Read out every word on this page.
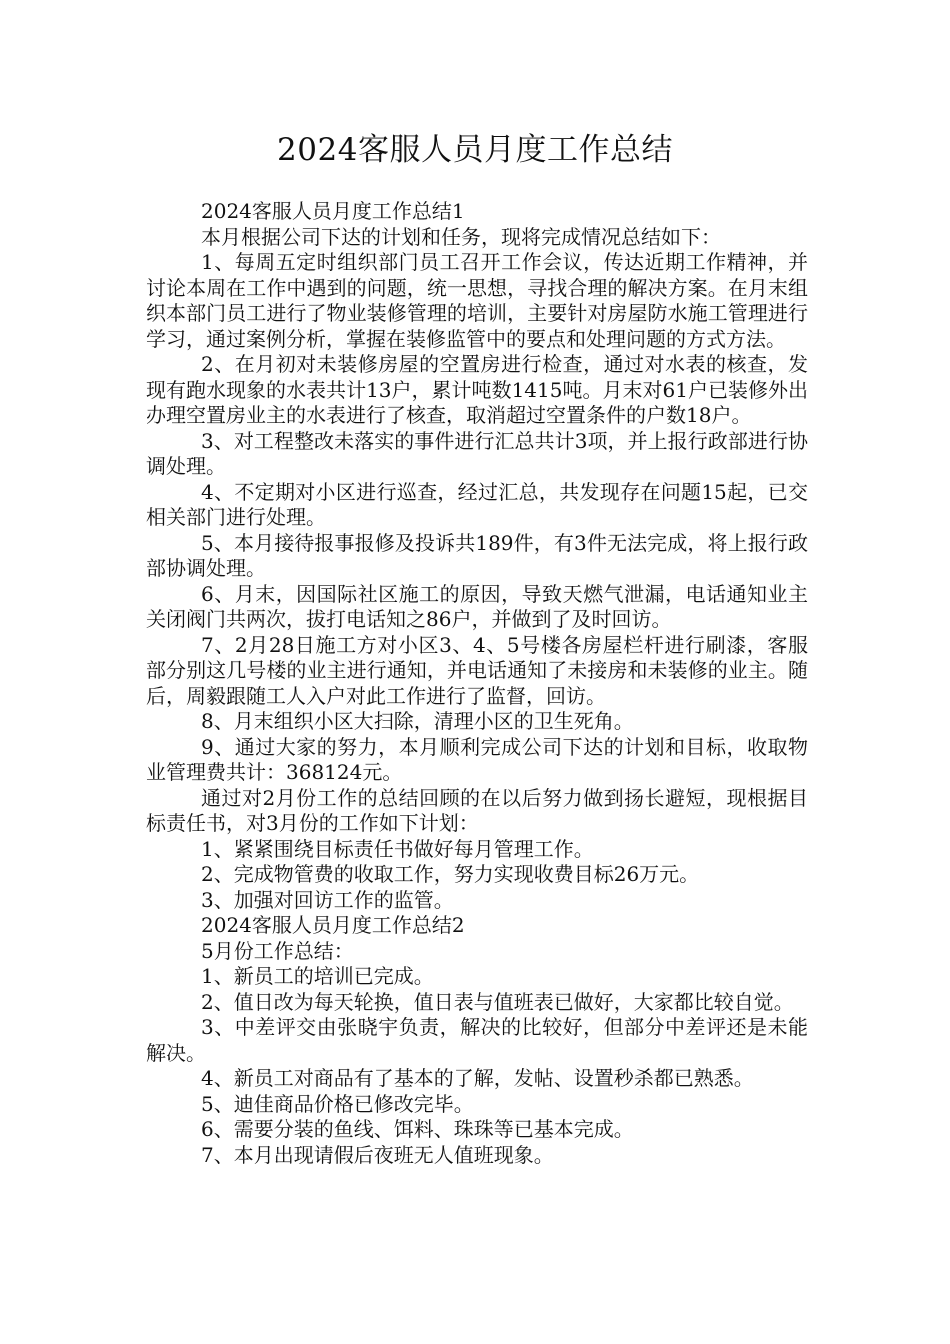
2024客服人员月度工作总结

2024客服人员月度工作总结1

本月根据公司下达的计划和任务，现将完成情况总结如下：

1、每周五定时组织部门员工召开工作会议，传达近期工作精神，并讨论本周在工作中遇到的问题，统一思想，寻找合理的解决方案。在月末组织本部门员工进行了物业装修管理的培训，主要针对房屋防水施工管理进行学习，通过案例分析，掌握在装修监管中的要点和处理问题的方式方法。

2、在月初对未装修房屋的空置房进行检查，通过对水表的核查，发现有跑水现象的水表共计13户，累计吨数1415吨。月末对61户已装修外出办理空置房业主的水表进行了核查，取消超过空置条件的户数18户。

3、对工程整改未落实的事件进行汇总共计3项，并上报行政部进行协调处理。

4、不定期对小区进行巡查，经过汇总，共发现存在问题15起，已交相关部门进行处理。

5、本月接待报事报修及投诉共189件，有3件无法完成，将上报行政部协调处理。

6、月末，因国际社区施工的原因，导致天燃气泄漏，电话通知业主关闭阀门共两次，拔打电话知之86户，并做到了及时回访。

7、2月28日施工方对小区3、4、5号楼各房屋栏杆进行刷漆，客服部分别这几号楼的业主进行通知，并电话通知了未接房和未装修的业主。随后，周毅跟随工人入户对此工作进行了监督，回访。

8、月末组织小区大扫除，清理小区的卫生死角。

9、通过大家的努力，本月顺利完成公司下达的计划和目标，收取物业管理费共计：368124元。

通过对2月份工作的总结回顾的在以后努力做到扬长避短，现根据目标责任书，对3月份的工作如下计划：

1、紧紧围绕目标责任书做好每月管理工作。

2、完成物管费的收取工作，努力实现收费目标26万元。

3、加强对回访工作的监管。

2024客服人员月度工作总结2

5月份工作总结：

1、新员工的培训已完成。

2、值日改为每天轮换，值日表与值班表已做好，大家都比较自觉。

3、中差评交由张晓宇负责，解决的比较好，但部分中差评还是未能解决。

4、新员工对商品有了基本的了解，发帖、设置秒杀都已熟悉。

5、迪佳商品价格已修改完毕。

6、需要分装的鱼线、饵料、珠珠等已基本完成。

7、本月出现请假后夜班无人值班现象。
